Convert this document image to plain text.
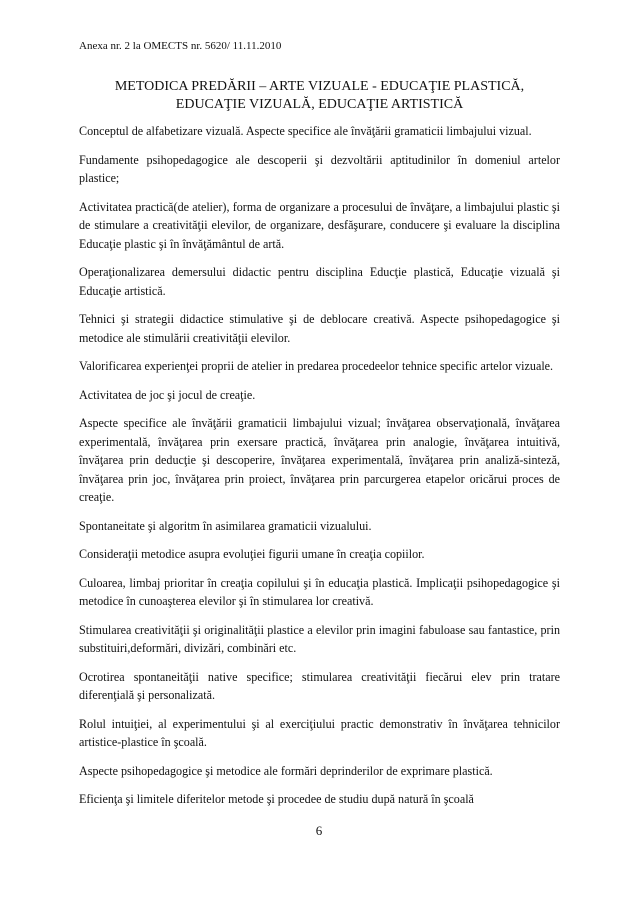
Anexa nr. 2 la OMECTS nr. 5620/ 11.11.2010
METODICA PREDĂRII – ARTE VIZUALE - EDUCAŢIE PLASTICĂ, EDUCAŢIE VIZUALĂ, EDUCAŢIE ARTISTICĂ

Conceptul de alfabetizare vizuală. Aspecte specifice ale învăţării gramaticii limbajului vizual.

Fundamente psihopedagogice ale descoperii şi dezvoltării aptitudinilor în domeniul artelor plastice;

Activitatea practică(de atelier), forma de organizare a procesului de învăţare, a limbajului plastic şi de stimulare a creativităţii elevilor, de organizare, desfăşurare, conducere şi evaluare la disciplina Educaţie plastic şi în învăţământul de artă.

Operaţionalizarea demersului didactic pentru disciplina Educţie plastică, Educaţie vizuală şi Educaţie artistică.

Tehnici şi strategii didactice stimulative şi de deblocare creativă. Aspecte psihopedagogice şi metodice ale stimulării creativităţii elevilor.

Valorificarea experienţei proprii de atelier in predarea procedeelor tehnice specific artelor vizuale.

Activitatea de joc şi jocul de creaţie.

Aspecte specifice ale învăţării gramaticii limbajului vizual; învăţarea observaţională, învăţarea experimentală, învăţarea prin exersare practică, învăţarea prin analogie, învăţarea intuitivă, învăţarea prin deducţie şi descoperire, învăţarea experimentală, învăţarea prin analiză-sinteză, învăţarea prin joc, învăţarea prin proiect, învăţarea prin parcurgerea etapelor oricărui proces de creaţie.

Spontaneitate şi algoritm în asimilarea gramaticii vizualului.

Consideraţii metodice asupra evoluţiei figurii umane în creaţia copiilor.

Culoarea, limbaj prioritar în creaţia copilului şi în educaţia plastică. Implicaţii psihopedagogice şi metodice în cunoaşterea elevilor şi în stimularea lor creativă.

Stimularea creativităţii şi originalităţii plastice a elevilor prin imagini fabuloase sau fantastice, prin substituiri,deformări, divizări, combinări etc.

Ocrotirea spontaneităţii native specifice; stimularea creativităţii fiecărui elev prin tratare diferenţială şi personalizată.

Rolul intuiţiei, al experimentului şi al exerciţiului practic demonstrativ în învăţarea tehnicilor artistice-plastice în şcoală.

Aspecte psihopedagogice şi metodice ale formări deprinderilor de exprimare plastică.

Eficienţa şi limitele diferitelor metode şi procedee de studiu după natură în şcoală

6
